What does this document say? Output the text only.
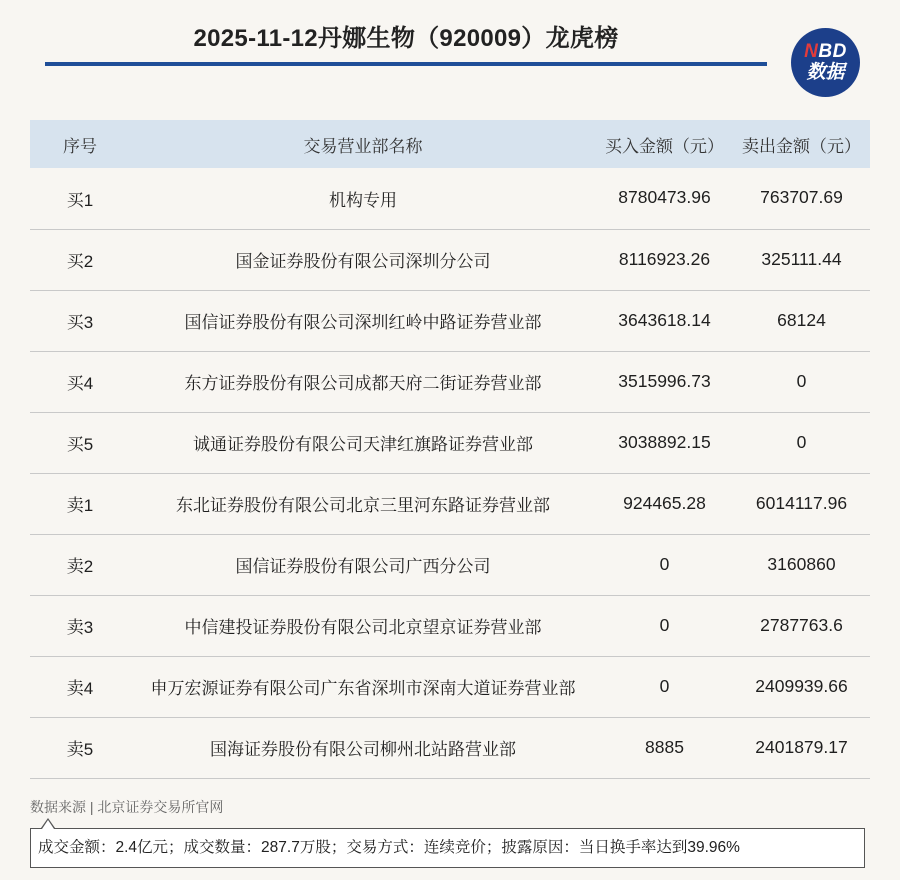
2025-11-12丹娜生物（920009）龙虎榜	NBD
数据
序号	交易营业部名称	买入金额（元）	卖出金额（元）
买1	机构专用	8780473.96	763707.69
买2	国金证券股份有限公司深圳分公司	8116923.26	325111.44
买3	国信证券股份有限公司深圳红岭中路证券营业部	3643618.14	68124
买4	东方证券股份有限公司成都天府二街证券营业部	3515996.73	0
买5	诚通证券股份有限公司天津红旗路证券营业部	3038892.15	0
卖1	东北证券股份有限公司北京三里河东路证券营业部	924465.28	6014117.96
卖2	国信证券股份有限公司广西分公司	0	3160860
卖3	中信建投证券股份有限公司北京望京证券营业部	0	2787763.6
卖4	申万宏源证券有限公司广东省深圳市深南大道证券营业部	0	2409939.66
卖5	国海证券股份有限公司柳州北站路营业部	8885	2401879.17
数据来源 | 北京证券交易所官网
成交金额：2.4亿元；成交数量：287.7万股；交易方式：连续竞价；披露原因：当日换手率达到39.96%
